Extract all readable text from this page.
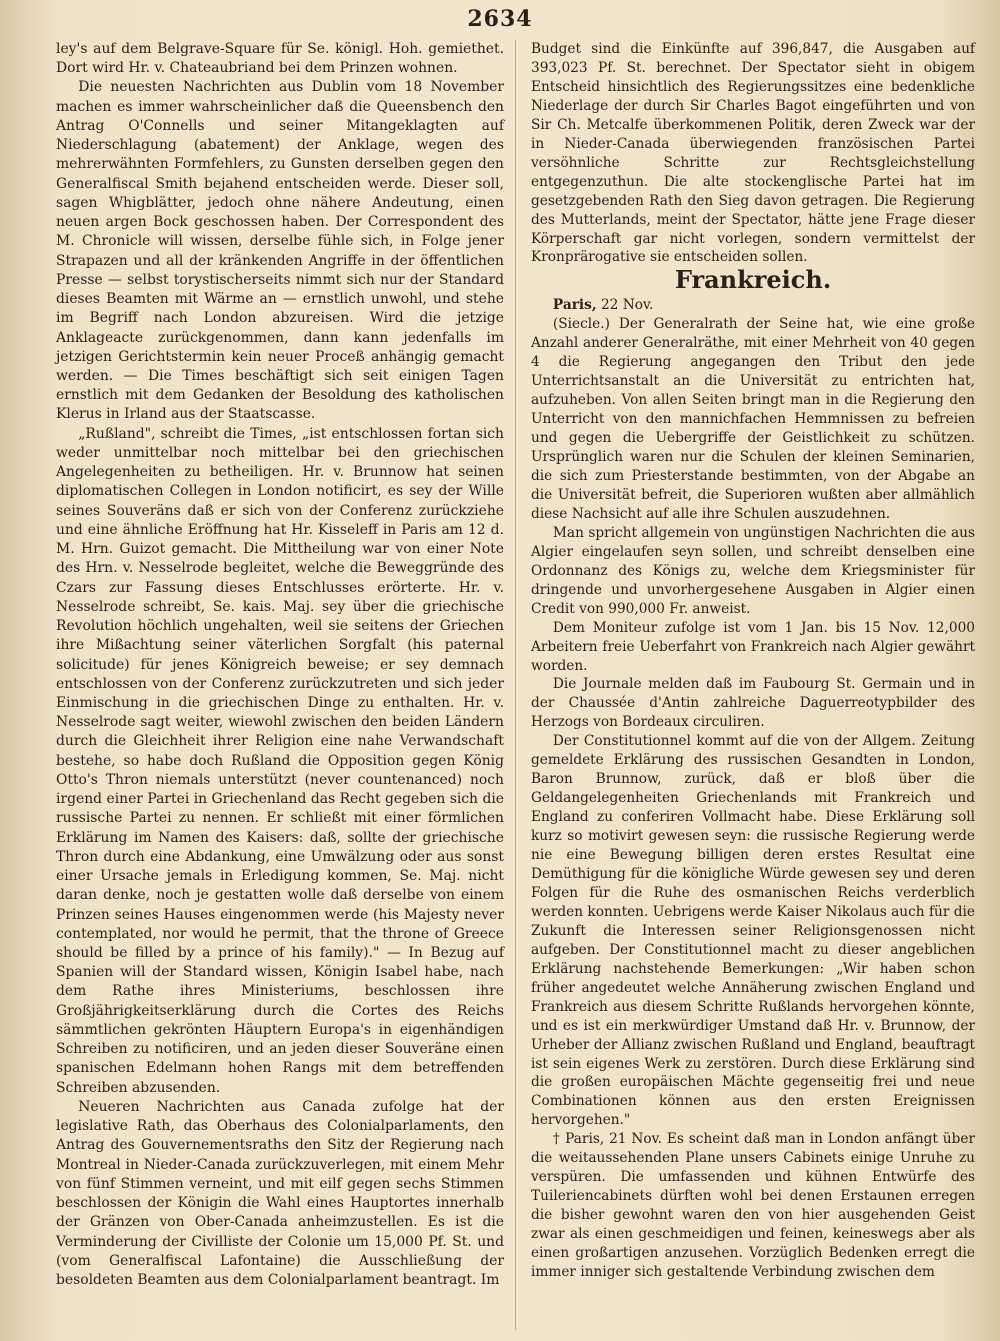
2634

ley's auf dem Belgrave-Square für Se. königl. Hoh. gemiethet. Dort wird Hr. v. Chateaubriand bei dem Prinzen wohnen.

Die neuesten Nachrichten aus Dublin vom 18 November machen es immer wahrscheinlicher daß die Queensbench den Antrag O'Connells und seiner Mitangeklagten auf Niederschlagung (abatement) der Anklage, wegen des mehrerwähnten Formfehlers, zu Gunsten derselben gegen den Generalfiscal Smith bejahend entscheiden werde. Dieser soll, sagen Whigblätter, jedoch ohne nähere Andeutung, einen neuen argen Bock geschossen haben. Der Correspondent des M. Chronicle will wissen, derselbe fühle sich, in Folge jener Strapazen und all der kränkenden Angriffe in der öffentlichen Presse — selbst torystischerseits nimmt sich nur der Standard dieses Beamten mit Wärme an — ernstlich unwohl, und stehe im Begriff nach London abzureisen. Wird die jetzige Anklageacte zurückgenommen, dann kann jedenfalls im jetzigen Gerichtstermin kein neuer Proceß anhängig gemacht werden. — Die Times beschäftigt sich seit einigen Tagen ernstlich mit dem Gedanken der Besoldung des katholischen Klerus in Irland aus der Staatscasse.

„Rußland", schreibt die Times, „ist entschlossen fortan sich weder unmittelbar noch mittelbar bei den griechischen Angelegenheiten zu betheiligen. Hr. v. Brunnow hat seinen diplomatischen Collegen in London notificirt, es sey der Wille seines Souveräns daß er sich von der Conferenz zurückziehe und eine ähnliche Eröffnung hat Hr. Kisseleff in Paris am 12 d. M. Hrn. Guizot gemacht. Die Mittheilung war von einer Note des Hrn. v. Nesselrode begleitet, welche die Beweggründe des Czars zur Fassung dieses Entschlusses erörterte. Hr. v. Nesselrode schreibt, Se. kais. Maj. sey über die griechische Revolution höchlich ungehalten, weil sie seitens der Griechen ihre Mißachtung seiner väterlichen Sorgfalt (his paternal solicitude) für jenes Königreich beweise; er sey demnach entschlossen von der Conferenz zurückzutreten und sich jeder Einmischung in die griechischen Dinge zu enthalten. Hr. v. Nesselrode sagt weiter, wiewohl zwischen den beiden Ländern durch die Gleichheit ihrer Religion eine nahe Verwandschaft bestehe, so habe doch Rußland die Opposition gegen König Otto's Thron niemals unterstützt (never countenanced) noch irgend einer Partei in Griechenland das Recht gegeben sich die russische Partei zu nennen. Er schließt mit einer förmlichen Erklärung im Namen des Kaisers: daß, sollte der griechische Thron durch eine Abdankung, eine Umwälzung oder aus sonst einer Ursache jemals in Erledigung kommen, Se. Maj. nicht daran denke, noch je gestatten wolle daß derselbe von einem Prinzen seines Hauses eingenommen werde (his Majesty never contemplated, nor would he permit, that the throne of Greece should be filled by a prince of his family)." — In Bezug auf Spanien will der Standard wissen, Königin Isabel habe, nach dem Rathe ihres Ministeriums, beschlossen ihre Großjährigkeitserklärung durch die Cortes des Reichs sämmtlichen gekrönten Häuptern Europa's in eigenhändigen Schreiben zu notificiren, und an jeden dieser Souveräne einen spanischen Edelmann hohen Rangs mit dem betreffenden Schreiben abzusenden.

Neueren Nachrichten aus Canada zufolge hat der legislative Rath, das Oberhaus des Colonialparlaments, den Antrag des Gouvernementsraths den Sitz der Regierung nach Montreal in Nieder-Canada zurückzuverlegen, mit einem Mehr von fünf Stimmen verneint, und mit eilf gegen sechs Stimmen beschlossen der Königin die Wahl eines Hauptortes innerhalb der Gränzen von Ober-Canada anheimzustellen. Es ist die Verminderung der Civilliste der Colonie um 15,000 Pf. St. und (vom Generalfiscal Lafontaine) die Ausschließung der besoldeten Beamten aus dem Colonialparlament beantragt. Im

Budget sind die Einkünfte auf 396,847, die Ausgaben auf 393,023 Pf. St. berechnet. Der Spectator sieht in obigem Entscheid hinsichtlich des Regierungssitzes eine bedenkliche Niederlage der durch Sir Charles Bagot eingeführten und von Sir Ch. Metcalfe überkommenen Politik, deren Zweck war der in Nieder-Canada überwiegenden französischen Partei versöhnliche Schritte zur Rechtsgleichstellung entgegenzuthun. Die alte stockenglische Partei hat im gesetzgebenden Rath den Sieg davon getragen. Die Regierung des Mutterlands, meint der Spectator, hätte jene Frage dieser Körperschaft gar nicht vorlegen, sondern vermittelst der Kronprärogative sie entscheiden sollen.

Frankreich.

Paris, 22 Nov.

(Siecle.) Der Generalrath der Seine hat, wie eine große Anzahl anderer Generalräthe, mit einer Mehrheit von 40 gegen 4 die Regierung angegangen den Tribut den jede Unterrichtsanstalt an die Universität zu entrichten hat, aufzuheben. Von allen Seiten bringt man in die Regierung den Unterricht von den mannichfachen Hemmnissen zu befreien und gegen die Uebergriffe der Geistlichkeit zu schützen. Ursprünglich waren nur die Schulen der kleinen Seminarien, die sich zum Priesterstande bestimmten, von der Abgabe an die Universität befreit, die Superioren wußten aber allmählich diese Nachsicht auf alle ihre Schulen auszudehnen.

Man spricht allgemein von ungünstigen Nachrichten die aus Algier eingelaufen seyn sollen, und schreibt denselben eine Ordonnanz des Königs zu, welche dem Kriegsminister für dringende und unvorhergesehene Ausgaben in Algier einen Credit von 990,000 Fr. anweist.

Dem Moniteur zufolge ist vom 1 Jan. bis 15 Nov. 12,000 Arbeitern freie Ueberfahrt von Frankreich nach Algier gewährt worden.

Die Journale melden daß im Faubourg St. Germain und in der Chaussée d'Antin zahlreiche Daguerreotypbilder des Herzogs von Bordeaux circuliren.

Der Constitutionnel kommt auf die von der Allgem. Zeitung gemeldete Erklärung des russischen Gesandten in London, Baron Brunnow, zurück, daß er bloß über die Geldangelegenheiten Griechenlands mit Frankreich und England zu conferiren Vollmacht habe. Diese Erklärung soll kurz so motivirt gewesen seyn: die russische Regierung werde nie eine Bewegung billigen deren erstes Resultat eine Demüthigung für die königliche Würde gewesen sey und deren Folgen für die Ruhe des osmanischen Reichs verderblich werden konnten. Uebrigens werde Kaiser Nikolaus auch für die Zukunft die Interessen seiner Religionsgenossen nicht aufgeben. Der Constitutionnel macht zu dieser angeblichen Erklärung nachstehende Bemerkungen: „Wir haben schon früher angedeutet welche Annäherung zwischen England und Frankreich aus diesem Schritte Rußlands hervorgehen könnte, und es ist ein merkwürdiger Umstand daß Hr. v. Brunnow, der Urheber der Allianz zwischen Rußland und England, beauftragt ist sein eigenes Werk zu zerstören. Durch diese Erklärung sind die großen europäischen Mächte gegenseitig frei und neue Combinationen können aus den ersten Ereignissen hervorgehen."

† Paris, 21 Nov. Es scheint daß man in London anfängt über die weitaussehenden Plane unsers Cabinets einige Unruhe zu verspüren. Die umfassenden und kühnen Entwürfe des Tuileriencabinets dürften wohl bei denen Erstaunen erregen die bisher gewohnt waren den von hier ausgehenden Geist zwar als einen geschmeidigen und feinen, keineswegs aber als einen großartigen anzusehen. Vorzüglich Bedenken erregt die immer inniger sich gestaltende Verbindung zwischen dem
